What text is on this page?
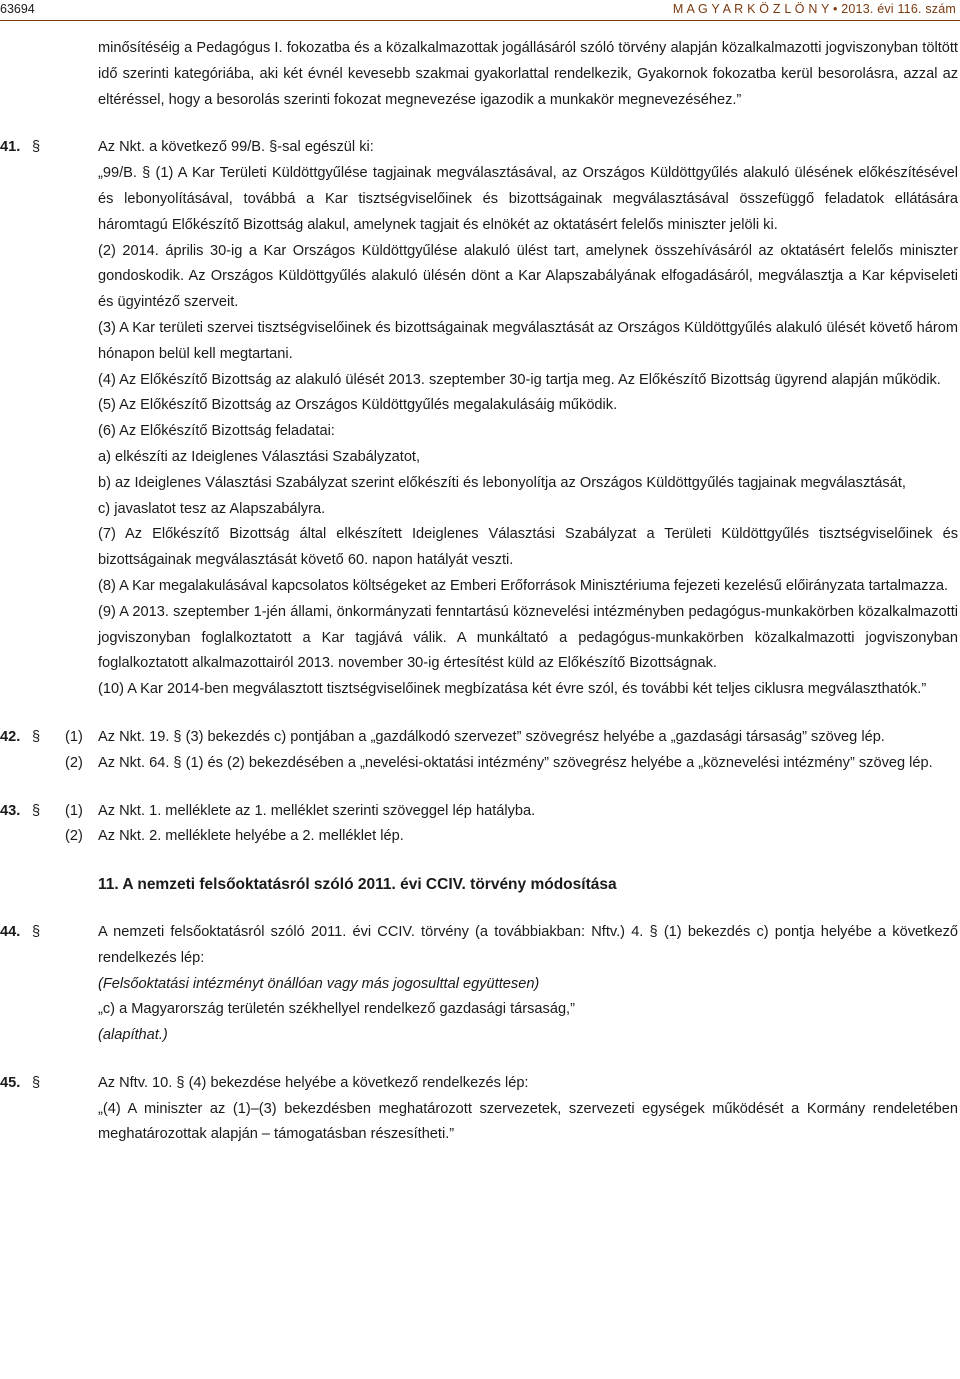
63694	M A G Y A R K Ö Z L Ö N Y • 2013. évi 116. szám

minősítéséig a Pedagógus I. fokozatba és a közalkalmazottak jogállásáról szóló törvény alapján közalkalmazotti jogviszonyban töltött idő szerinti kategóriába, aki két évnél kevesebb szakmai gyakorlattal rendelkezik, Gyakornok fokozatba kerül besorolásra, azzal az eltéréssel, hogy a besorolás szerinti fokozat megnevezése igazodik a munkakör megnevezéséhez.”

41. §	Az Nkt. a következő 99/B. §-sal egészül ki:

„99/B. § (1) A Kar Területi Küldöttgyűlése tagjainak megválasztásával, az Országos Küldöttgyűlés alakuló ülésének előkészítésével és lebonyolításával, továbbá a Kar tisztségviselőinek és bizottságainak megválasztásával összefüggő feladatok ellátására háromtagú Előkészítő Bizottság alakul, amelynek tagjait és elnökét az oktatásért felelős miniszter jelöli ki.

(2) 2014. április 30-ig a Kar Országos Küldöttgyűlése alakuló ülést tart, amelynek összehívásáról az oktatásért felelős miniszter gondoskodik. Az Országos Küldöttgyűlés alakuló ülésén dönt a Kar Alapszabályának elfogadásáról, megválasztja a Kar képviseleti és ügyintéző szerveit.

(3) A Kar területi szervei tisztségviselőinek és bizottságainak megválasztását az Országos Küldöttgyűlés alakuló ülését követő három hónapon belül kell megtartani.

(4) Az Előkészítő Bizottság az alakuló ülését 2013. szeptember 30-ig tartja meg. Az Előkészítő Bizottság ügyrend alapján működik.

(5) Az Előkészítő Bizottság az Országos Küldöttgyűlés megalakulásáig működik.

(6) Az Előkészítő Bizottság feladatai:

a) elkészíti az Ideiglenes Választási Szabályzatot,

b) az Ideiglenes Választási Szabályzat szerint előkészíti és lebonyolítja az Országos Küldöttgyűlés tagjainak megválasztását,

c) javaslatot tesz az Alapszabályra.

(7) Az Előkészítő Bizottság által elkészített Ideiglenes Választási Szabályzat a Területi Küldöttgyűlés tisztségviselőinek és bizottságainak megválasztását követő 60. napon hatályát veszti.

(8) A Kar megalakulásával kapcsolatos költségeket az Emberi Erőforrások Minisztériuma fejezeti kezelésű előirányzata tartalmazza.

(9) A 2013. szeptember 1-jén állami, önkormányzati fenntartású köznevelési intézményben pedagógus-munkakörben közalkalmazotti jogviszonyban foglalkoztatott a Kar tagjává válik. A munkáltató a pedagógus-munkakörben közalkalmazotti jogviszonyban foglalkoztatott alkalmazottairól 2013. november 30-ig értesítést küld az Előkészítő Bizottságnak.

(10) A Kar 2014-ben megválasztott tisztségviselőinek megbízatása két évre szól, és további két teljes ciklusra megválaszthatók.”

42. § (1) Az Nkt. 19. § (3) bekezdés c) pontjában a „gazdálkodó szervezet” szövegrész helyébe a „gazdasági társaság” szöveg lép.

(2) Az Nkt. 64. § (1) és (2) bekezdésében a „nevelési-oktatási intézmény” szövegrész helyébe a „köznevelési intézmény” szöveg lép.

43. § (1) Az Nkt. 1. melléklete az 1. melléklet szerinti szöveggel lép hatályba.

(2) Az Nkt. 2. melléklete helyébe a 2. melléklet lép.

11. A nemzeti felsőoktatásról szóló 2011. évi CCIV. törvény módosítása

44. §	A nemzeti felsőoktatásról szóló 2011. évi CCIV. törvény (a továbbiakban: Nftv.) 4. § (1) bekezdés c) pontja helyébe a következő rendelkezés lép:

(Felsőoktatási intézményt önállóan vagy más jogosulttal együttesen)

„c) a Magyarország területén székhellyel rendelkező gazdasági társaság,”

(alapíthat.)

45. §	Az Nftv. 10. § (4) bekezdése helyébe a következő rendelkezés lép:

„(4) A miniszter az (1)–(3) bekezdésben meghatározott szervezetek, szervezeti egységek működését a Kormány rendeletében meghatározottak alapján – támogatásban részesítheti.”
